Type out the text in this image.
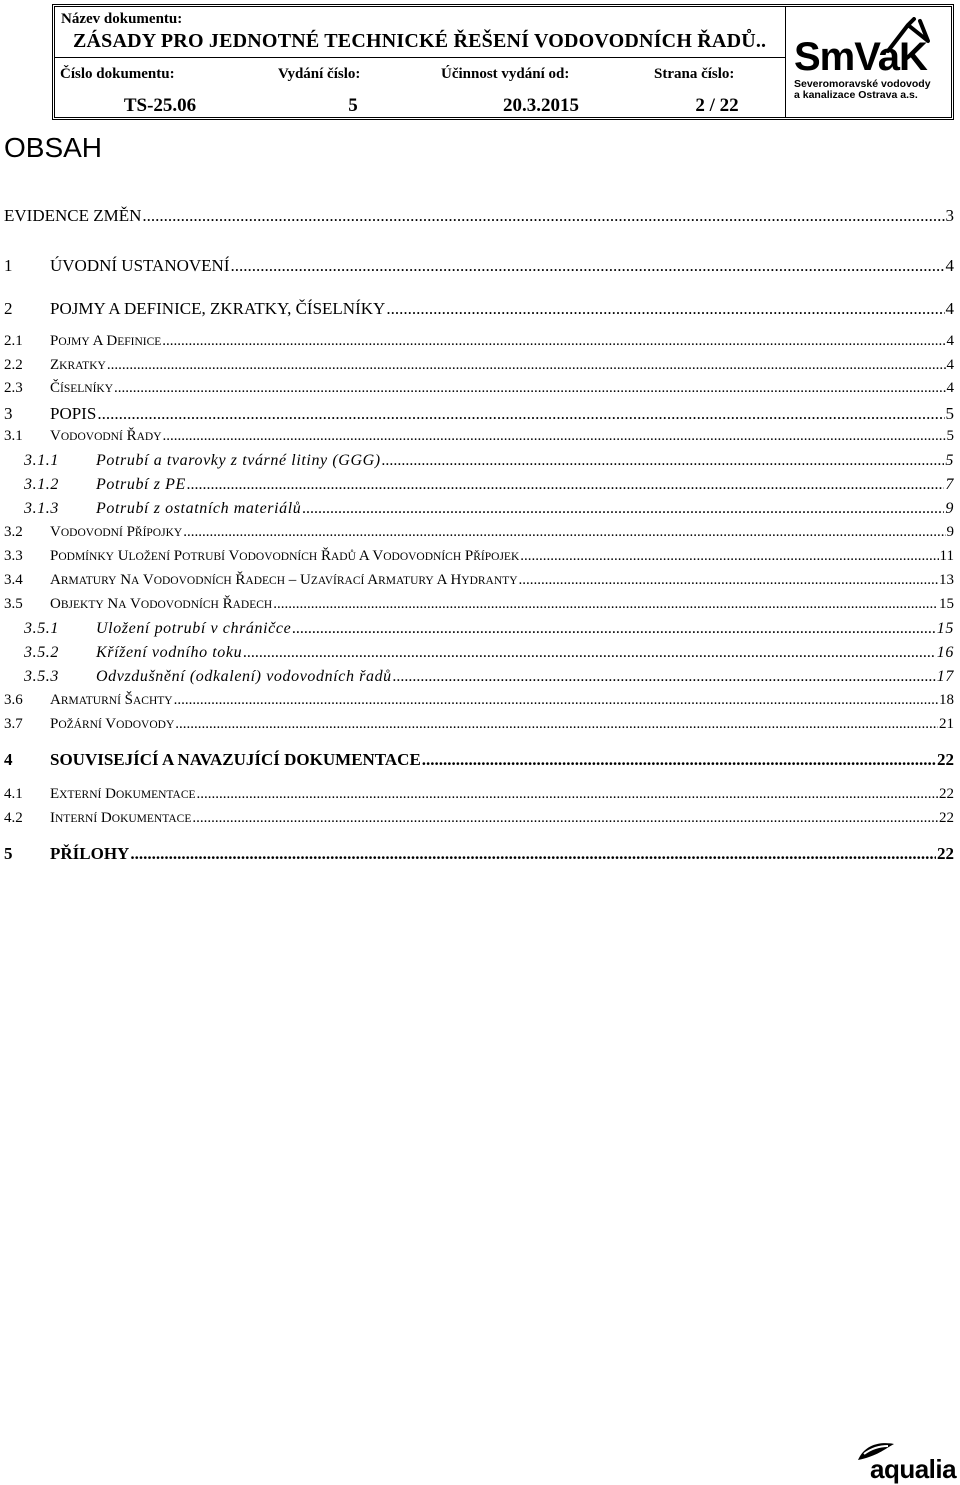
Název dokumentu:
ZÁSADY PRO JEDNOTNÉ TECHNICKÉ ŘEŠENÍ VODOVODNÍCH ŘADŮ..
Číslo dokumentu:
TS-25.06
Vydání číslo:
5
Účinnost vydání od:
20.3.2015
Strana číslo:
2 / 22
SmVaK
Severomoravské vodovody
a kanalizace Ostrava a.s.
OBSAH
EVIDENCE ZMĚN .....	3
1	ÚVODNÍ USTANOVENÍ .....	4
2	POJMY A DEFINICE, ZKRATKY, ČÍSELNÍKY .....	4
2.1	POJMY A DEFINICE .....	4
2.2	ZKRATKY .....	4
2.3	ČÍSELNÍKY .....	4
3	POPIS .....	5
3.1	VODOVODNÍ ŘADY .....	5
3.1.1	Potrubí a tvarovky z tvárné litiny (GGG) .....	5
3.1.2	Potrubí z PE .....	7
3.1.3	Potrubí z ostatních materiálů .....	9
3.2	VODOVODNÍ PŘÍPOJKY .....	9
3.3	PODMÍNKY ULOŽENÍ POTRUBÍ VODOVODNÍCH ŘADŮ A VODOVODNÍCH PŘÍPOJEK .....	11
3.4	ARMATURY NA VODOVODNÍCH ŘADECH – UZAVÍRACÍ ARMATURY A HYDRANTY .....	13
3.5	OBJEKTY NA VODOVODNÍCH ŘADECH .....	15
3.5.1	Uložení potrubí v chráničce .....	15
3.5.2	Křížení vodního toku .....	16
3.5.3	Odvzdušnění (odkalení) vodovodních řadů .....	17
3.6	ARMATURNÍ ŠACHTY .....	18
3.7	POŽÁRNÍ VODOVODY .....	21
4	SOUVISEJÍCÍ A NAVAZUJÍCÍ DOKUMENTACE .....	22
4.1	EXTERNÍ DOKUMENTACE .....	22
4.2	INTERNÍ DOKUMENTACE .....	22
5	PŘÍLOHY .....	22
aqualia
